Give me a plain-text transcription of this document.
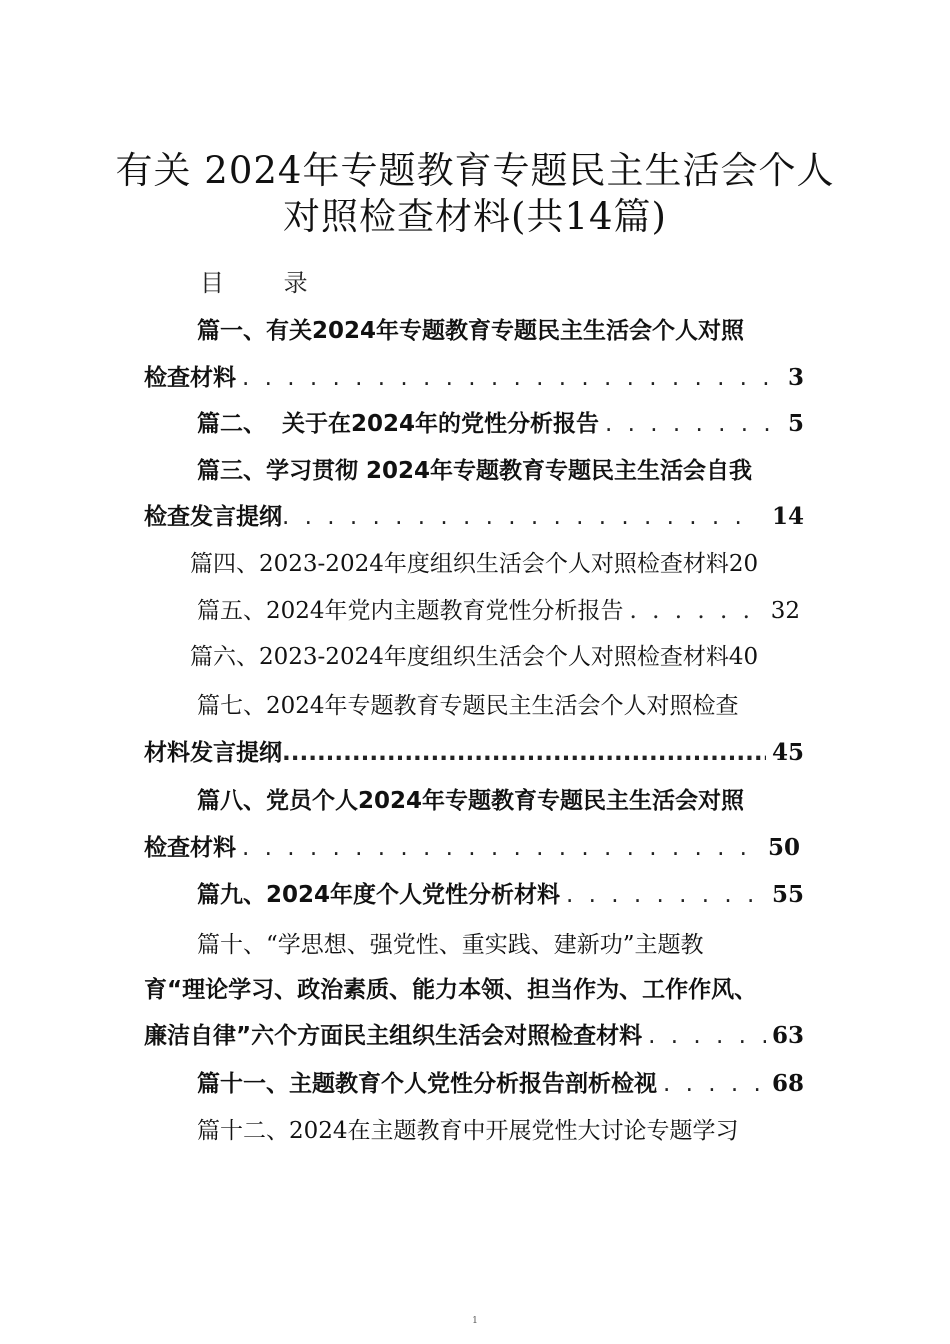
有关 2024年专题教育专题民主生活会个人
对照检查材料(共14篇)
目 录
篇一、有关2024年专题教育专题民主生活会个人对照
检查材料 . . .	3
篇二、  关于在2024年的党性分析报告 . . .	5
篇三、学习贯彻 2024年专题教育专题民主生活会自我
检查发言提纲 . . .	14
篇四、2023-2024年度组织生活会个人对照检查材料20
篇五、2024年党内主题教育党性分析报告 . . .	32
篇六、2023-2024年度组织生活会个人对照检查材料40
篇七、2024年专题教育专题民主生活会个人对照检查
材料发言提纲 .....	45
篇八、党员个人2024年专题教育专题民主生活会对照
检查材料 . . .	50
篇九、2024年度个人党性分析材料 . . .	55
篇十、“学思想、强党性、重实践、建新功”主题教
育“理论学习、政治素质、能力本领、担当作为、工作作风、
廉洁自律”六个方面民主组织生活会对照检查材料 . . .	63
篇十一、主题教育个人党性分析报告剖析检视 . . .	68
篇十二、2024在主题教育中开展党性大讨论专题学习
1
